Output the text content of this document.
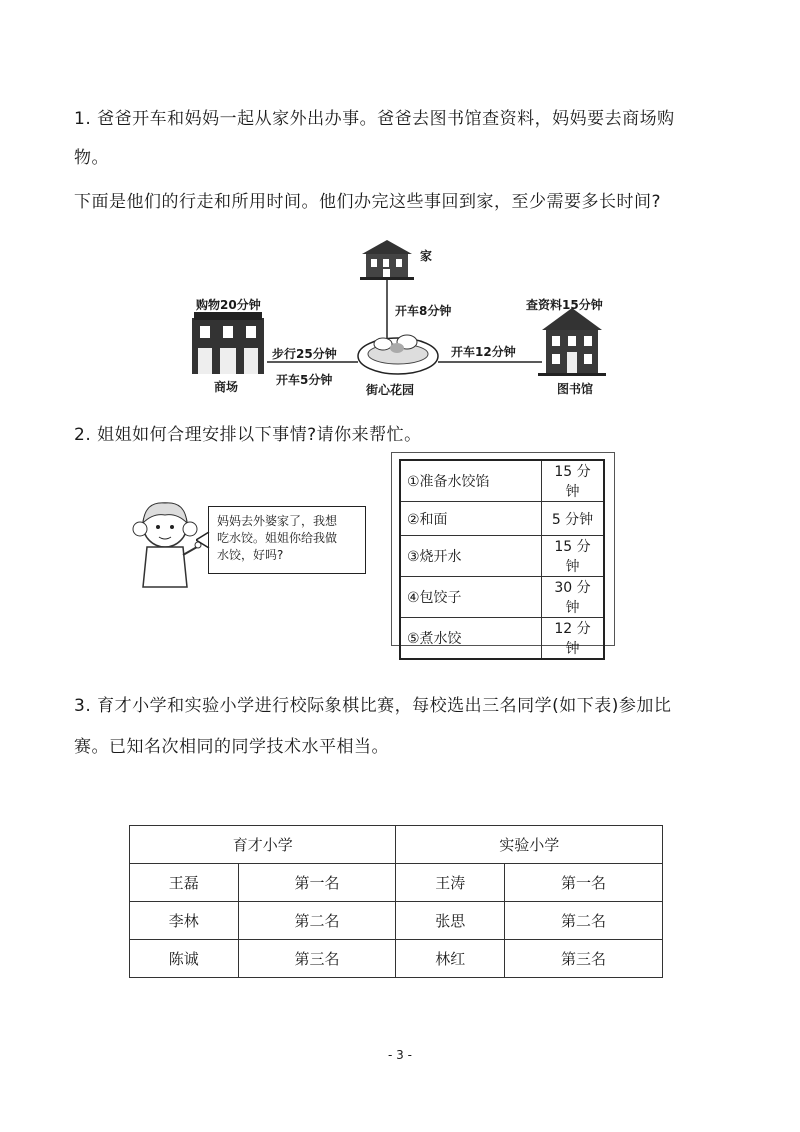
1. 爸爸开车和妈妈一起从家外出办事。爸爸去图书馆查资料，妈妈要去商场购
物。
下面是他们的行走和所用时间。他们办完这些事回到家，至少需要多长时间?
家
开车8分钟
购物20分钟
商场
步行25分钟
开车5分钟
街心花园
开车12分钟
查资料15分钟
图书馆
2. 姐姐如何合理安排以下事情?请你来帮忙。
妈妈去外婆家了，我想
吃水饺。姐姐你给我做
水饺，好吗?
①准备水饺馅	15 分钟
②和面	5 分钟
③烧开水	15 分钟
④包饺子	30 分钟
⑤煮水饺	12 分钟
3. 育才小学和实验小学进行校际象棋比赛，每校选出三名同学(如下表)参加比
赛。已知名次相同的同学技术水平相当。
育才小学		实验小学	
王磊	第一名	王涛	第一名
李林	第二名	张思	第二名
陈诚	第三名	林红	第三名
- 3 -
